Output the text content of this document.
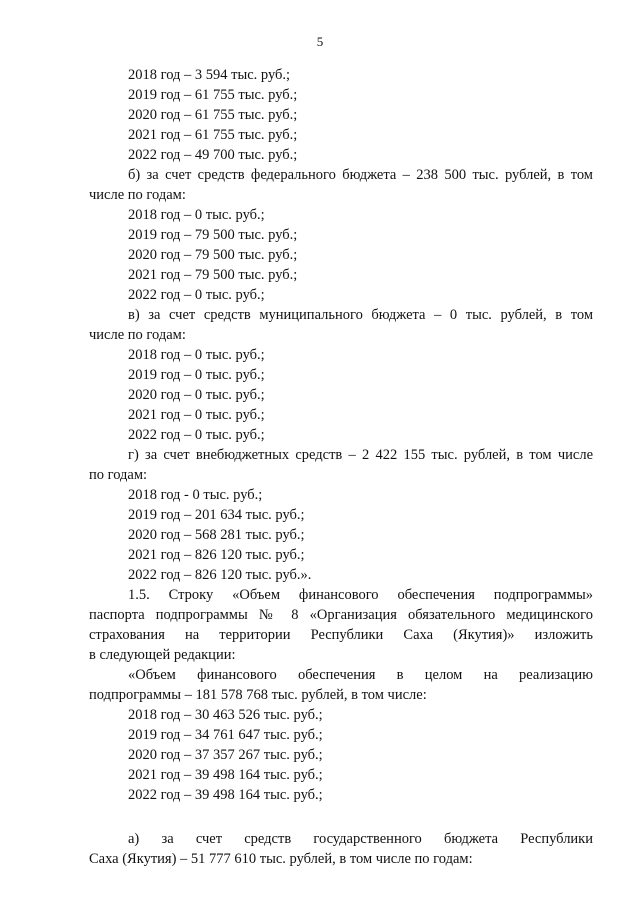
5
2018 год – 3 594 тыс. руб.;
2019 год – 61 755 тыс. руб.;
2020 год – 61 755 тыс. руб.;
2021 год – 61 755 тыс. руб.;
2022 год – 49 700 тыс. руб.;
б) за счет средств федерального бюджета – 238 500 тыс. рублей, в том
числе по годам:
2018 год – 0 тыс. руб.;
2019 год – 79 500 тыс. руб.;
2020 год – 79 500 тыс. руб.;
2021 год – 79 500 тыс. руб.;
2022 год – 0 тыс. руб.;
в) за счет средств муниципального бюджета – 0 тыс. рублей, в том
числе по годам:
2018 год – 0 тыс. руб.;
2019 год – 0 тыс. руб.;
2020 год – 0 тыс. руб.;
2021 год – 0 тыс. руб.;
2022 год – 0 тыс. руб.;
г) за счет внебюджетных средств – 2 422 155 тыс. рублей, в том числе
по годам:
2018 год - 0 тыс. руб.;
2019 год – 201 634 тыс. руб.;
2020 год – 568 281 тыс. руб.;
2021 год – 826 120 тыс. руб.;
2022 год – 826 120 тыс. руб.».
1.5. Строку «Объем финансового обеспечения подпрограммы»
паспорта подпрограммы № 8 «Организация обязательного медицинского
страхования на территории Республики Саха (Якутия)» изложить
в следующей редакции:
«Объем финансового обеспечения в целом на реализацию
подпрограммы – 181 578 768 тыс. рублей, в том числе:
2018 год – 30 463 526 тыс. руб.;
2019 год – 34 761 647 тыс. руб.;
2020 год – 37 357 267 тыс. руб.;
2021 год – 39 498 164 тыс. руб.;
2022 год – 39 498 164 тыс. руб.;
а) за счет средств государственного бюджета Республики
Саха (Якутия) – 51 777 610 тыс. рублей, в том числе по годам:
